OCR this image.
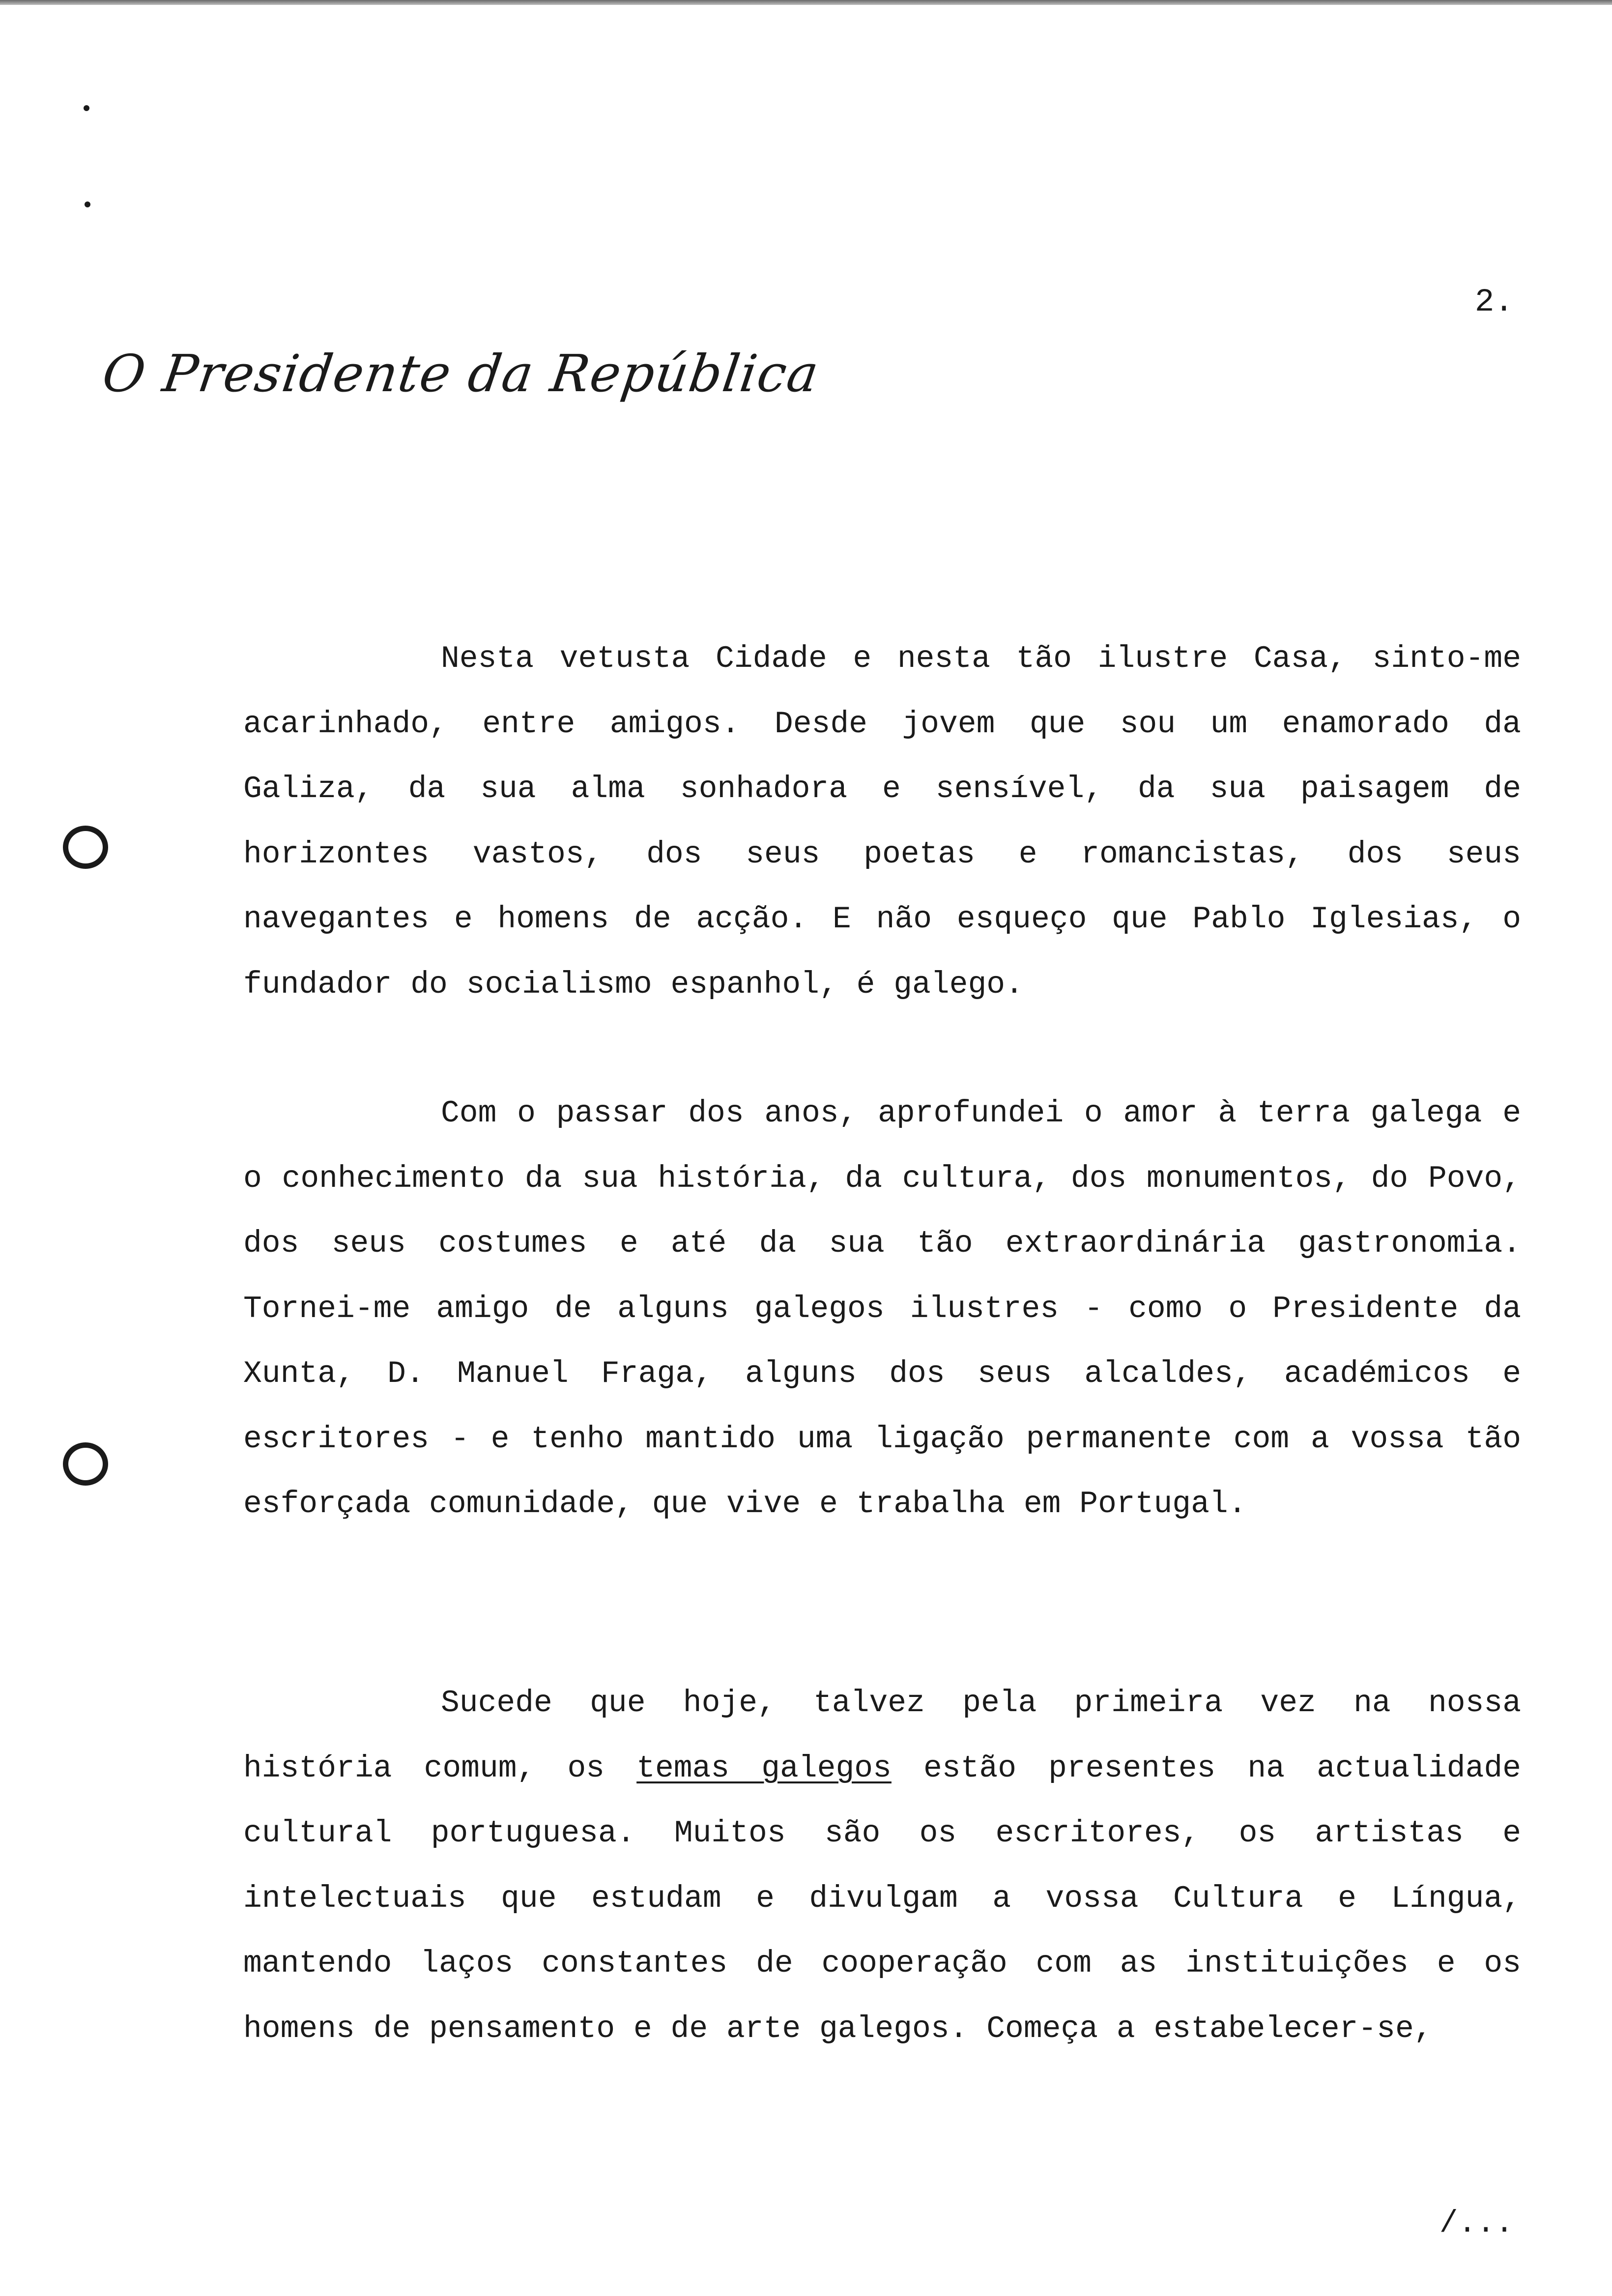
2.
O Presidente da República

Nesta vetusta Cidade e nesta tão ilustre Casa, sinto-me acarinhado, entre amigos. Desde jovem que sou um enamorado da Galiza, da sua alma sonhadora e sensível, da sua paisagem de horizontes vastos, dos seus poetas e romancistas, dos seus navegantes e homens de acção. E não esqueço que Pablo Iglesias, o fundador do socialismo espanhol, é galego.

Com o passar dos anos, aprofundei o amor à terra galega e o conhecimento da sua história, da cultura, dos monumentos, do Povo, dos seus costumes e até da sua tão extraordinária gastronomia. Tornei-me amigo de alguns galegos ilustres - como o Presidente da Xunta, D. Manuel Fraga, alguns dos seus alcaldes, académicos e escritores - e tenho mantido uma ligação permanente com a vossa tão esforçada comunidade, que vive e trabalha em Portugal.

Sucede que hoje, talvez pela primeira vez na nossa história comum, os temas galegos estão presentes na actualidade cultural portuguesa. Muitos são os escritores, os artistas e intelectuais que estudam e divulgam a vossa Cultura e Língua, mantendo laços constantes de cooperação com as instituições e os homens de pensamento e de arte galegos. Começa a estabelecer-se,

/...
